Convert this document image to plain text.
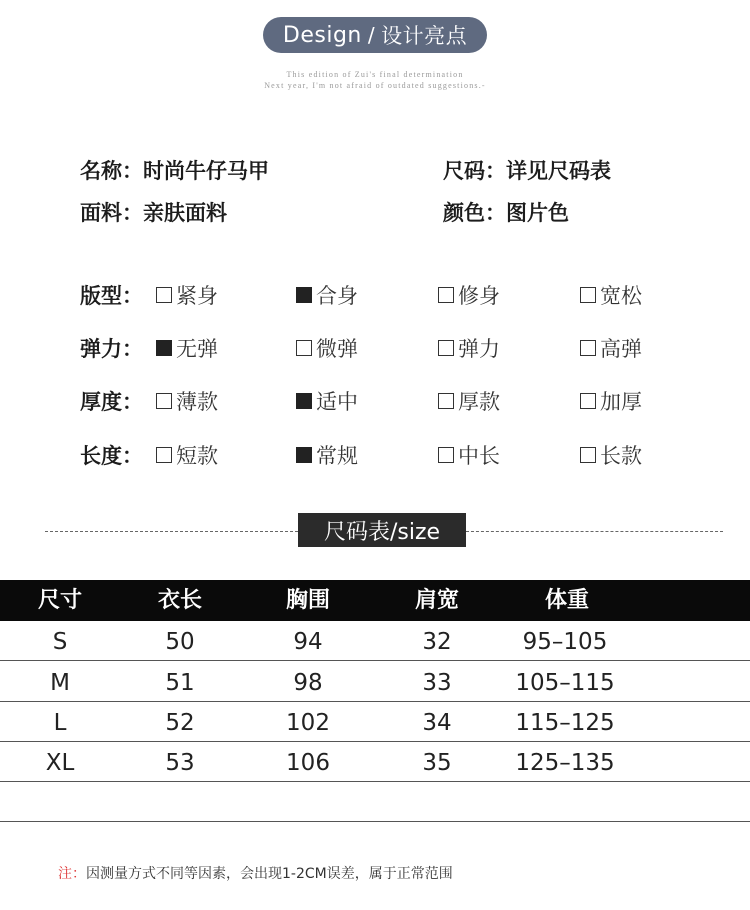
Design / 设计亮点
This edition of Zui's final determination
Next year, I'm not afraid of outdated suggestions.-
名称：时尚牛仔马甲	尺码：详见尺码表
面料：亲肤面料	颜色：图片色
版型： 紧身	合身	修身	宽松
弹力： 无弹	微弹	弹力	高弹
厚度： 薄款	适中	厚款	加厚
长度： 短款	常规	中长	长款
尺码表/size
尺寸	衣长	胸围	肩宽	体重
S	50	94	32	95–105
M	51	98	33	105–115
L	52	102	34	115–125
XL	53	106	35	125–135
注：因测量方式不同等因素，会出现1-2CM误差，属于正常范围
